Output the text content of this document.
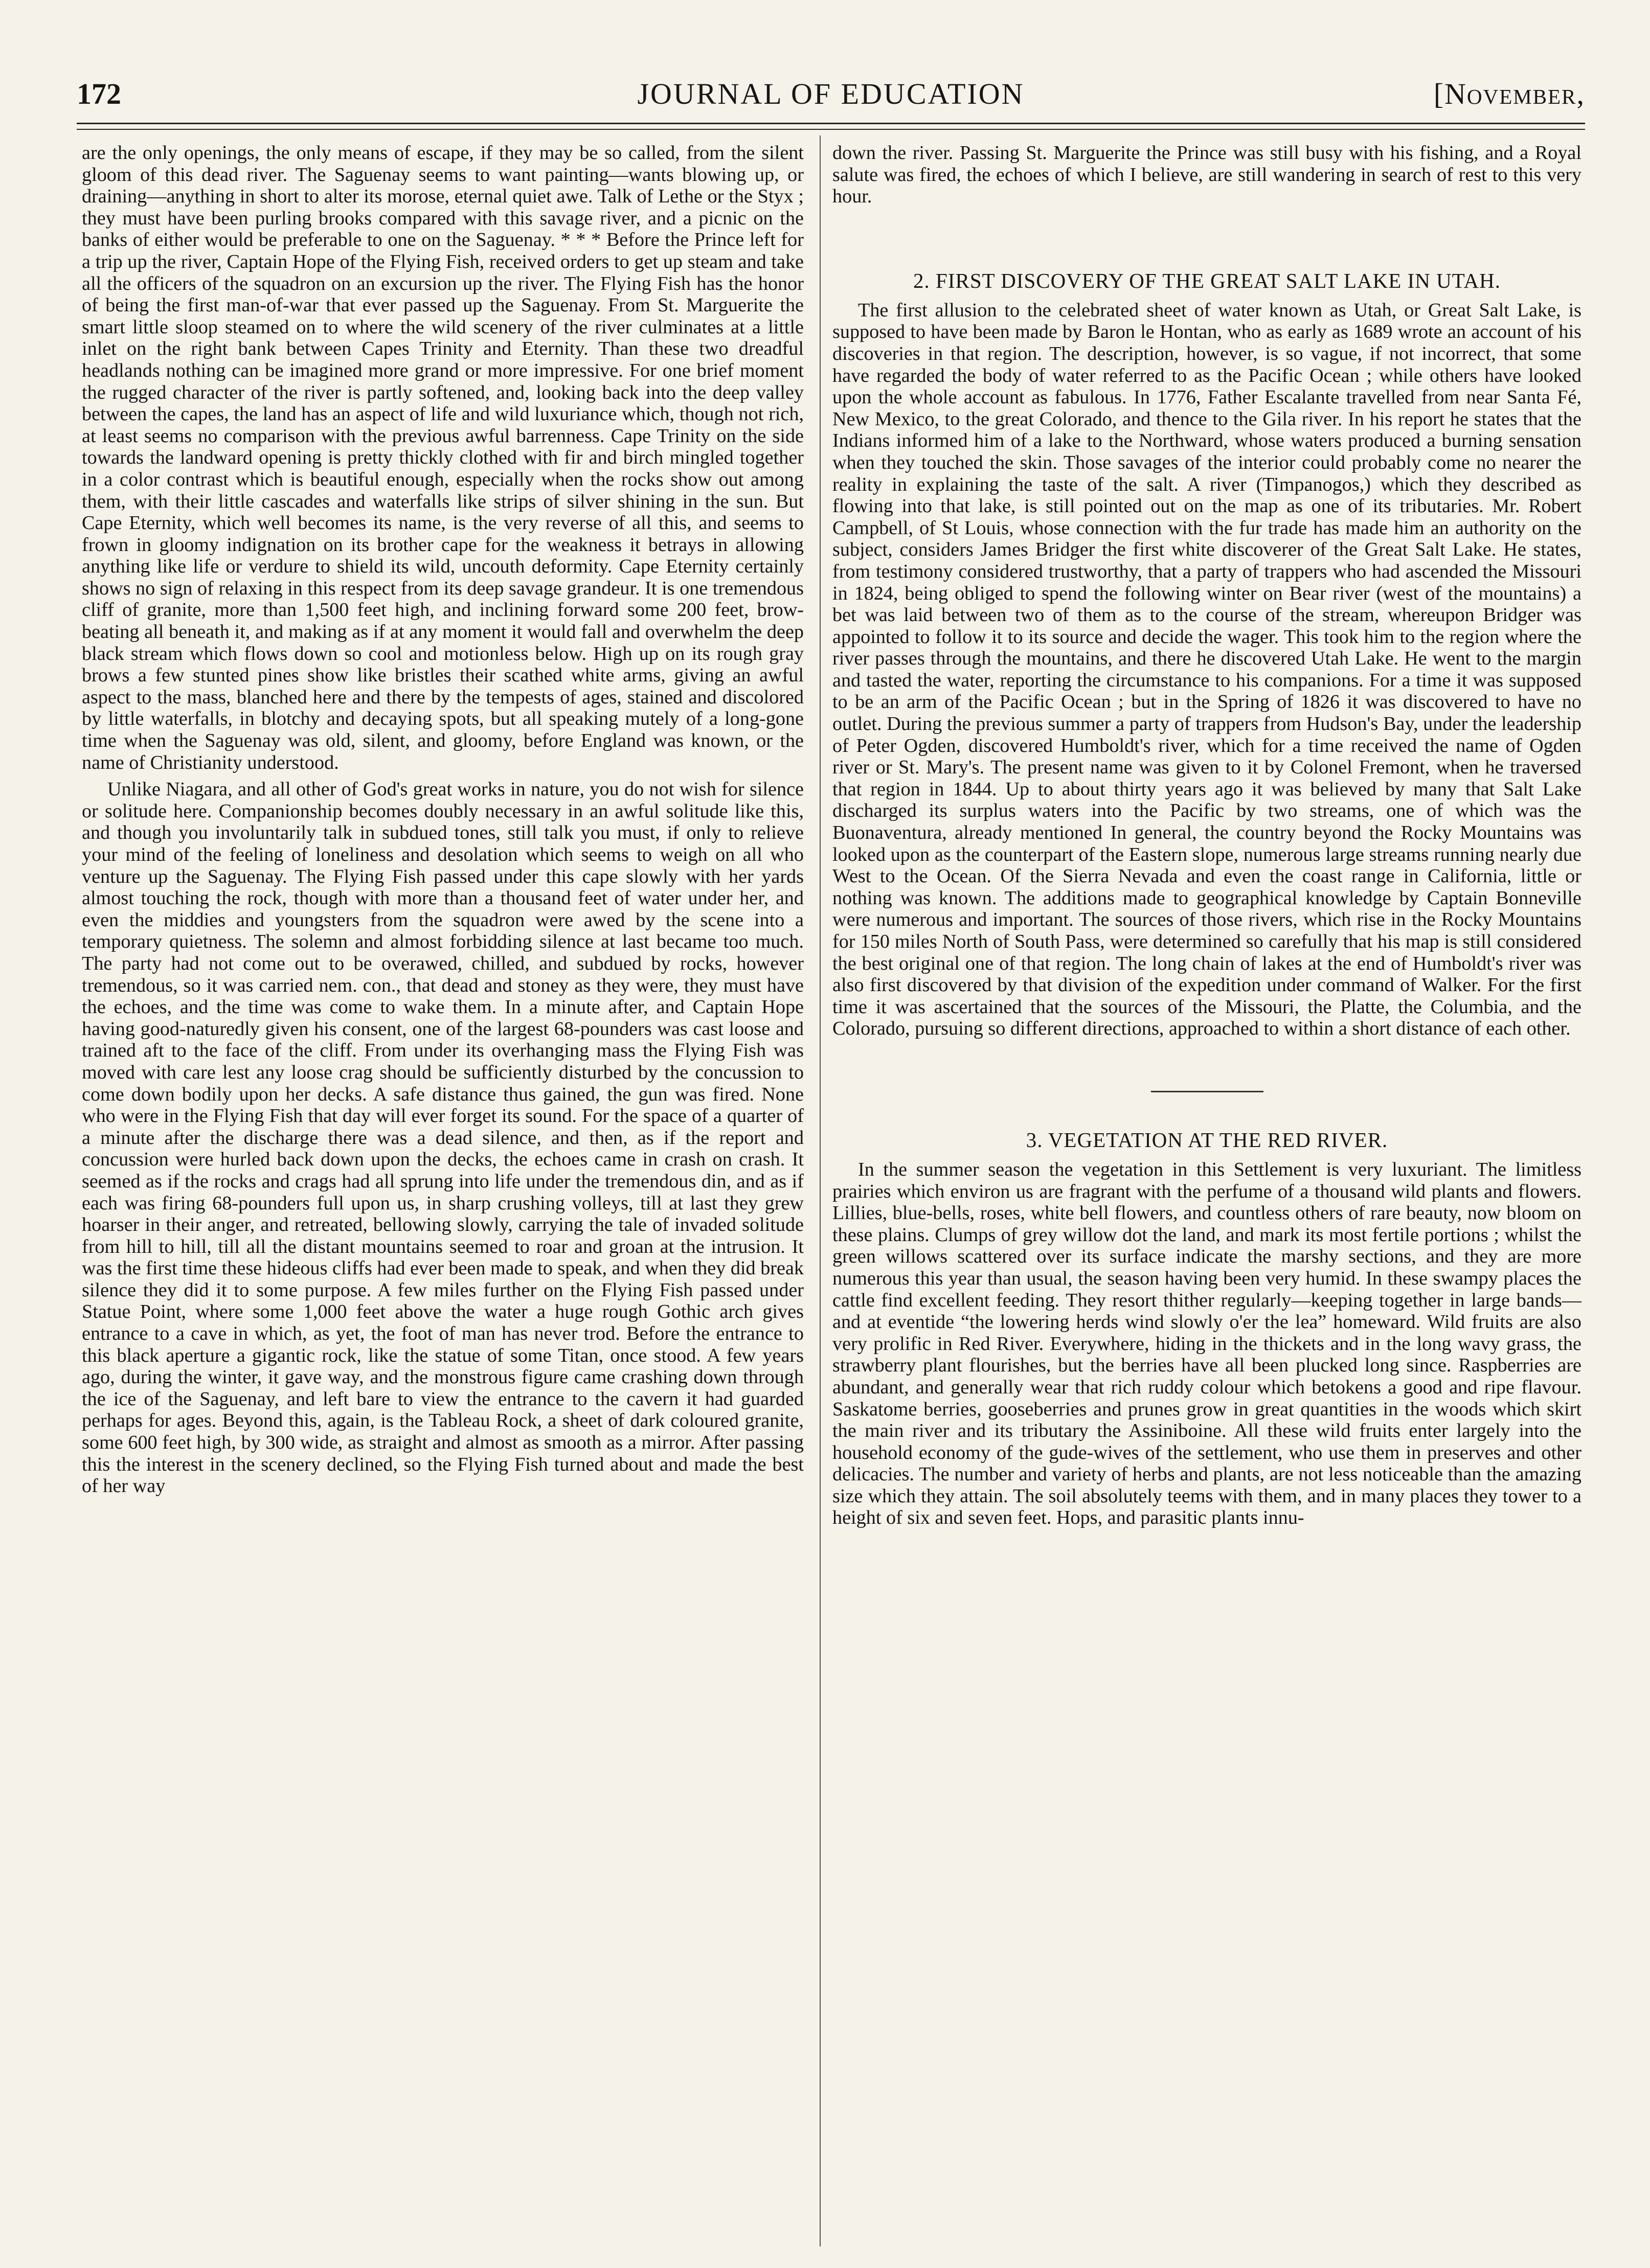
172	JOURNAL OF EDUCATION	[November,

are the only openings, the only means of escape, if they may be so called, from the silent gloom of this dead river. The Saguenay seems to want painting—wants blowing up, or draining—anything in short to alter its morose, eternal quiet awe. Talk of Lethe or the Styx ; they must have been purling brooks compared with this savage river, and a picnic on the banks of either would be preferable to one on the Saguenay. * * * Before the Prince left for a trip up the river, Captain Hope of the Flying Fish, received orders to get up steam and take all the officers of the squadron on an excursion up the river. The Flying Fish has the honor of being the first man-of-war that ever passed up the Saguenay. From St. Marguerite the smart little sloop steamed on to where the wild scenery of the river culminates at a little inlet on the right bank between Capes Trinity and Eternity. Than these two dreadful headlands nothing can be imagined more grand or more impressive. For one brief moment the rugged character of the river is partly softened, and, looking back into the deep valley between the capes, the land has an aspect of life and wild luxuriance which, though not rich, at least seems no comparison with the previous awful barrenness. Cape Trinity on the side towards the landward opening is pretty thickly clothed with fir and birch mingled together in a color contrast which is beautiful enough, especially when the rocks show out among them, with their little cascades and waterfalls like strips of silver shining in the sun. But Cape Eternity, which well becomes its name, is the very reverse of all this, and seems to frown in gloomy indignation on its brother cape for the weakness it betrays in allowing anything like life or verdure to shield its wild, uncouth deformity. Cape Eternity certainly shows no sign of relaxing in this respect from its deep savage grandeur. It is one tremendous cliff of granite, more than 1,500 feet high, and inclining forward some 200 feet, brow-beating all beneath it, and making as if at any moment it would fall and overwhelm the deep black stream which flows down so cool and motionless below. High up on its rough gray brows a few stunted pines show like bristles their scathed white arms, giving an awful aspect to the mass, blanched here and there by the tempests of ages, stained and discolored by little waterfalls, in blotchy and decaying spots, but all speaking mutely of a long-gone time when the Saguenay was old, silent, and gloomy, before England was known, or the name of Christianity understood.

Unlike Niagara, and all other of God's great works in nature, you do not wish for silence or solitude here. Companionship becomes doubly necessary in an awful solitude like this, and though you involuntarily talk in subdued tones, still talk you must, if only to relieve your mind of the feeling of loneliness and desolation which seems to weigh on all who venture up the Saguenay. The Flying Fish passed under this cape slowly with her yards almost touching the rock, though with more than a thousand feet of water under her, and even the middies and youngsters from the squadron were awed by the scene into a temporary quietness. The solemn and almost forbidding silence at last became too much. The party had not come out to be overawed, chilled, and subdued by rocks, however tremendous, so it was carried nem. con., that dead and stoney as they were, they must have the echoes, and the time was come to wake them. In a minute after, and Captain Hope having good-naturedly given his consent, one of the largest 68-pounders was cast loose and trained aft to the face of the cliff. From under its overhanging mass the Flying Fish was moved with care lest any loose crag should be sufficiently disturbed by the concussion to come down bodily upon her decks. A safe distance thus gained, the gun was fired. None who were in the Flying Fish that day will ever forget its sound. For the space of a quarter of a minute after the discharge there was a dead silence, and then, as if the report and concussion were hurled back down upon the decks, the echoes came in crash on crash. It seemed as if the rocks and crags had all sprung into life under the tremendous din, and as if each was firing 68-pounders full upon us, in sharp crushing volleys, till at last they grew hoarser in their anger, and retreated, bellowing slowly, carrying the tale of invaded solitude from hill to hill, till all the distant mountains seemed to roar and groan at the intrusion. It was the first time these hideous cliffs had ever been made to speak, and when they did break silence they did it to some purpose. A few miles further on the Flying Fish passed under Statue Point, where some 1,000 feet above the water a huge rough Gothic arch gives entrance to a cave in which, as yet, the foot of man has never trod. Before the entrance to this black aperture a gigantic rock, like the statue of some Titan, once stood. A few years ago, during the winter, it gave way, and the monstrous figure came crashing down through the ice of the Saguenay, and left bare to view the entrance to the cavern it had guarded perhaps for ages. Beyond this, again, is the Tableau Rock, a sheet of dark coloured granite, some 600 feet high, by 300 wide, as straight and almost as smooth as a mirror. After passing this the interest in the scenery declined, so the Flying Fish turned about and made the best of her way

down the river. Passing St. Marguerite the Prince was still busy with his fishing, and a Royal salute was fired, the echoes of which I believe, are still wandering in search of rest to this very hour.

2. FIRST DISCOVERY OF THE GREAT SALT LAKE IN UTAH.

The first allusion to the celebrated sheet of water known as Utah, or Great Salt Lake, is supposed to have been made by Baron le Hontan, who as early as 1689 wrote an account of his discoveries in that region. The description, however, is so vague, if not incorrect, that some have regarded the body of water referred to as the Pacific Ocean ; while others have looked upon the whole account as fabulous. In 1776, Father Escalante travelled from near Santa Fé, New Mexico, to the great Colorado, and thence to the Gila river. In his report he states that the Indians informed him of a lake to the Northward, whose waters produced a burning sensation when they touched the skin. Those savages of the interior could probably come no nearer the reality in explaining the taste of the salt. A river (Timpanogos,) which they described as flowing into that lake, is still pointed out on the map as one of its tributaries. Mr. Robert Campbell, of St Louis, whose connection with the fur trade has made him an authority on the subject, considers James Bridger the first white discoverer of the Great Salt Lake. He states, from testimony considered trustworthy, that a party of trappers who had ascended the Missouri in 1824, being obliged to spend the following winter on Bear river (west of the mountains) a bet was laid between two of them as to the course of the stream, whereupon Bridger was appointed to follow it to its source and decide the wager. This took him to the region where the river passes through the mountains, and there he discovered Utah Lake. He went to the margin and tasted the water, reporting the circumstance to his companions. For a time it was supposed to be an arm of the Pacific Ocean ; but in the Spring of 1826 it was discovered to have no outlet. During the previous summer a party of trappers from Hudson's Bay, under the leadership of Peter Ogden, discovered Humboldt's river, which for a time received the name of Ogden river or St. Mary's. The present name was given to it by Colonel Fremont, when he traversed that region in 1844. Up to about thirty years ago it was believed by many that Salt Lake discharged its surplus waters into the Pacific by two streams, one of which was the Buonaventura, already mentioned In general, the country beyond the Rocky Mountains was looked upon as the counterpart of the Eastern slope, numerous large streams running nearly due West to the Ocean. Of the Sierra Nevada and even the coast range in California, little or nothing was known. The additions made to geographical knowledge by Captain Bonneville were numerous and important. The sources of those rivers, which rise in the Rocky Mountains for 150 miles North of South Pass, were determined so carefully that his map is still considered the best original one of that region. The long chain of lakes at the end of Humboldt's river was also first discovered by that division of the expedition under command of Walker. For the first time it was ascertained that the sources of the Missouri, the Platte, the Columbia, and the Colorado, pursuing so different directions, approached to within a short distance of each other.

3. VEGETATION AT THE RED RIVER.

In the summer season the vegetation in this Settlement is very luxuriant. The limitless prairies which environ us are fragrant with the perfume of a thousand wild plants and flowers. Lillies, blue-bells, roses, white bell flowers, and countless others of rare beauty, now bloom on these plains. Clumps of grey willow dot the land, and mark its most fertile portions ; whilst the green willows scattered over its surface indicate the marshy sections, and they are more numerous this year than usual, the season having been very humid. In these swampy places the cattle find excellent feeding. They resort thither regularly—keeping together in large bands—and at eventide “the lowering herds wind slowly o'er the lea” homeward. Wild fruits are also very prolific in Red River. Everywhere, hiding in the thickets and in the long wavy grass, the strawberry plant flourishes, but the berries have all been plucked long since. Raspberries are abundant, and generally wear that rich ruddy colour which betokens a good and ripe flavour. Saskatome berries, gooseberries and prunes grow in great quantities in the woods which skirt the main river and its tributary the Assiniboine. All these wild fruits enter largely into the household economy of the gude-wives of the settlement, who use them in preserves and other delicacies. The number and variety of herbs and plants, are not less noticeable than the amazing size which they attain. The soil absolutely teems with them, and in many places they tower to a height of six and seven feet. Hops, and parasitic plants innu-
